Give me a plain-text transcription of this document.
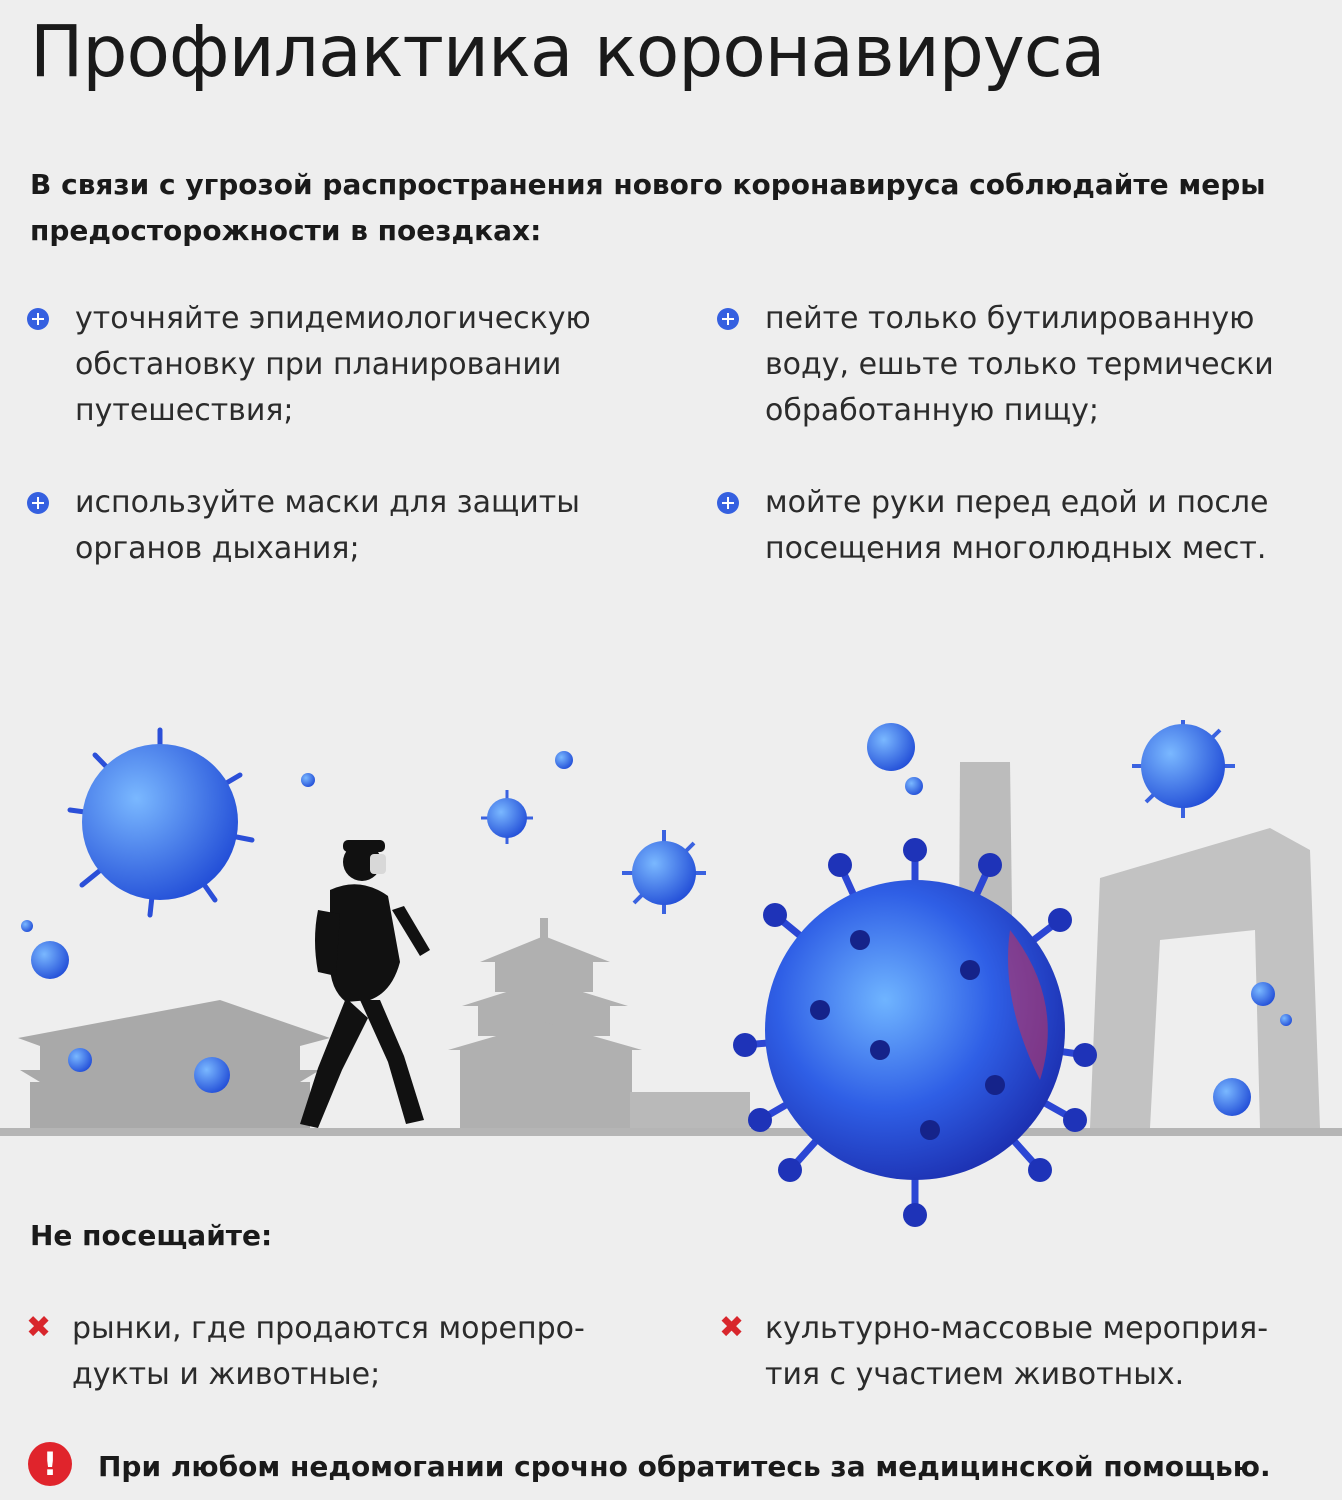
Профилактика коронавируса

В связи с угрозой распространения нового коронавируса соблюдайте меры предосторожности в поездках:

уточняйте эпидемиологическую
обстановку при планировании
путешествия;
пейте только бутилированную
воду, ешьте только термически
обработанную пищу;
используйте маски для защиты
органов дыхания;
мойте руки перед едой и после
посещения многолюдных мест.
Не посещайте:
✖ рынки, где продаются морепро-
дукты и животные;
✖ культурно-массовые мероприя-
тия с участием животных.
!	При любом недомогании срочно обратитесь за медицинской помощью.
